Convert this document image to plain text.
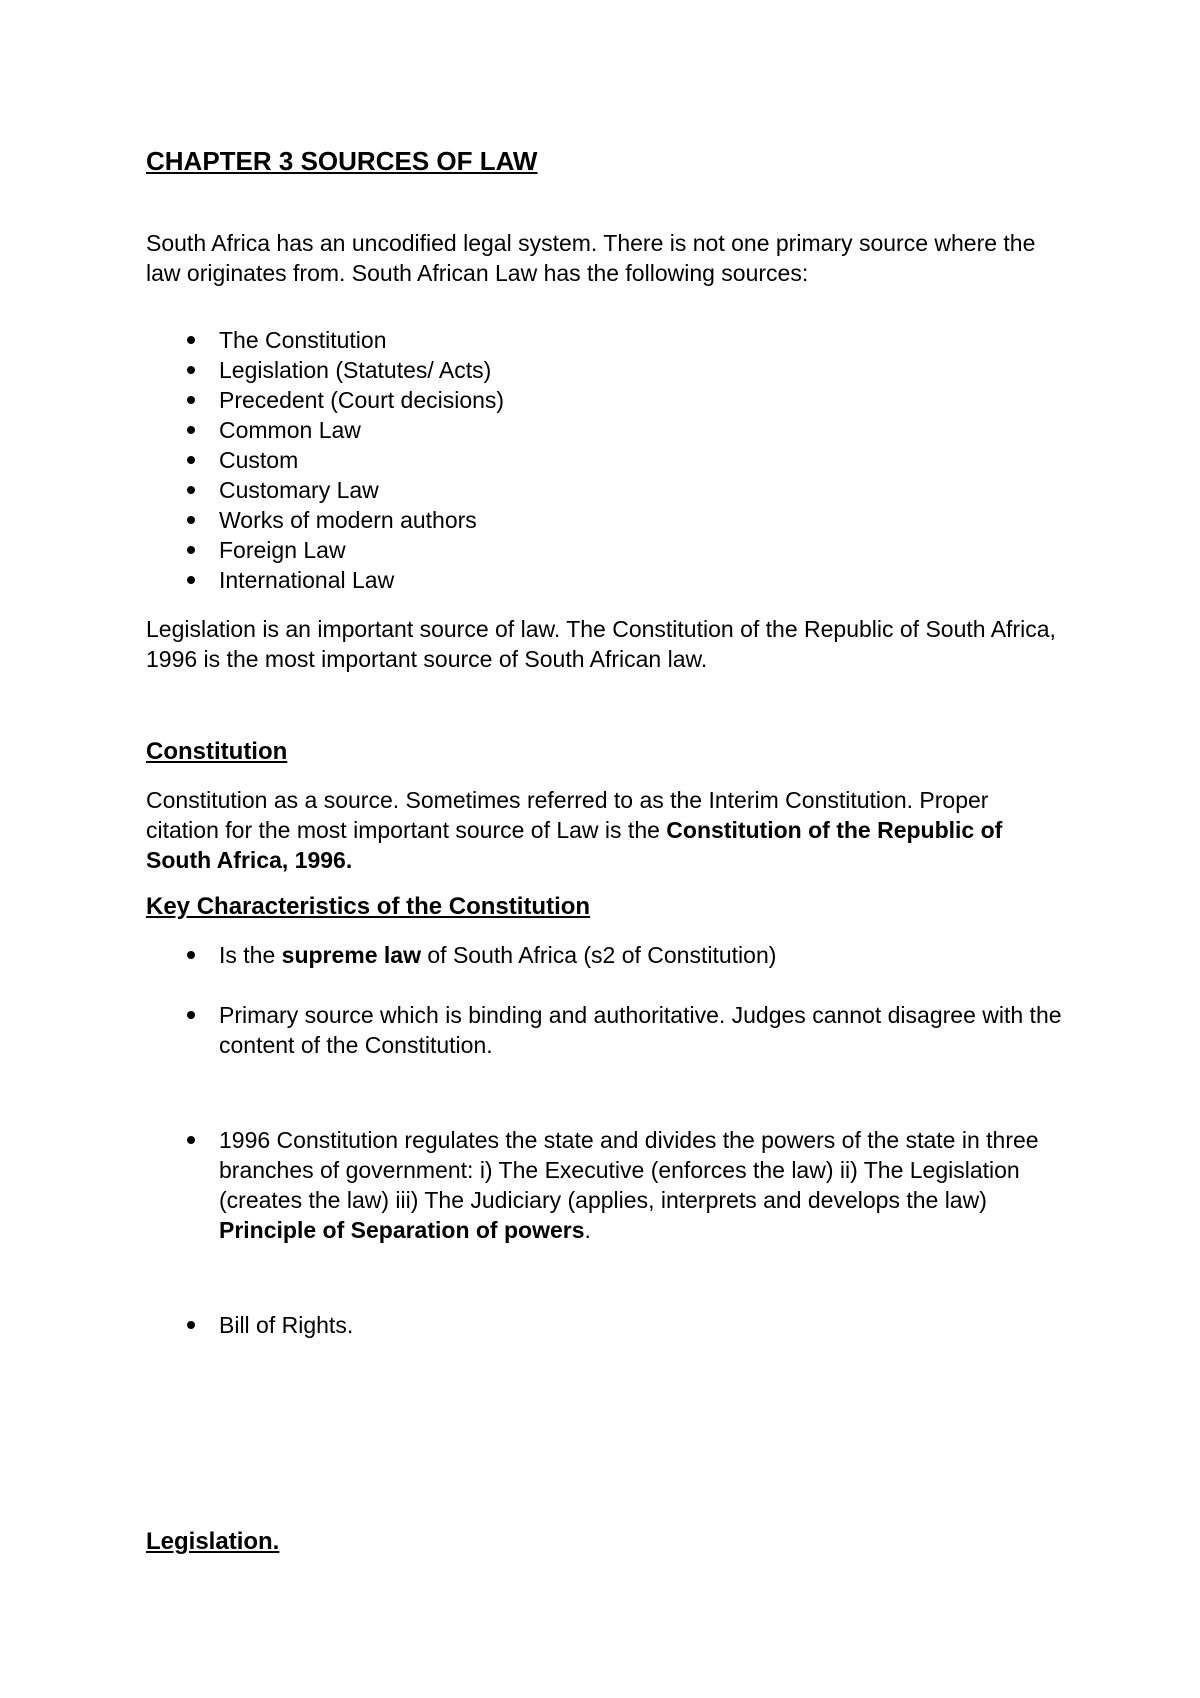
CHAPTER 3 SOURCES OF LAW

South Africa has an uncodified legal system. There is not one primary source where the law originates from. South African Law has the following sources:

The Constitution
Legislation (Statutes/ Acts)
Precedent (Court decisions)
Common Law
Custom
Customary Law
Works of modern authors
Foreign Law
International Law

Legislation is an important source of law. The Constitution of the Republic of South Africa, 1996 is the most important source of South African law.

Constitution

Constitution as a source. Sometimes referred to as the Interim Constitution. Proper citation for the most important source of Law is the Constitution of the Republic of South Africa, 1996.

Key Characteristics of the Constitution
Is the supreme law of South Africa (s2 of Constitution)
Primary source which is binding and authoritative. Judges cannot disagree with the content of the Constitution.
1996 Constitution regulates the state and divides the powers of the state in three branches of government: i) The Executive (enforces the law) ii) The Legislation (creates the law) iii) The Judiciary (applies, interprets and develops the law) Principle of Separation of powers.
Bill of Rights.
Legislation.
